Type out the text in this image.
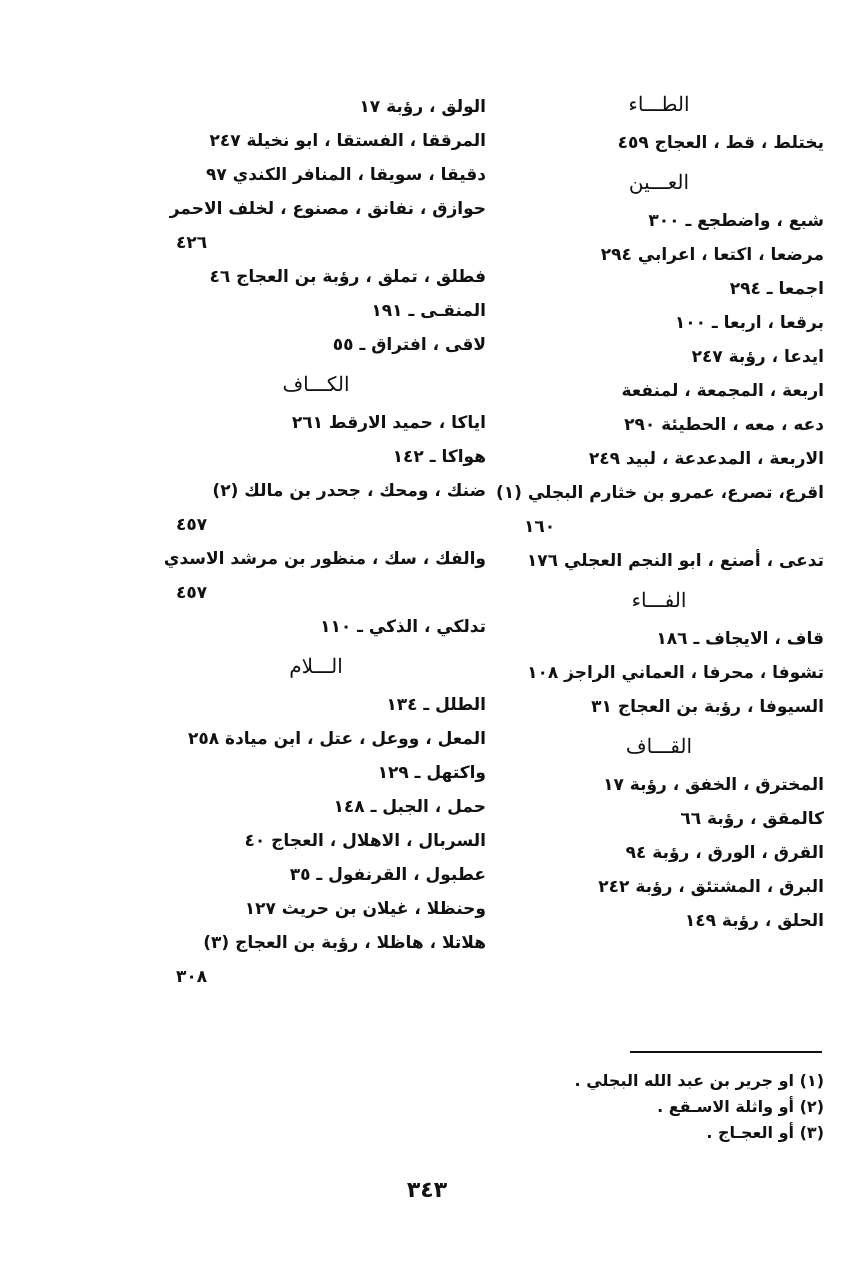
الطـــاء
يختلط ، قط ، العجاج ٤٥٩
العـــين
شبع ، واضطجع ـ ٣٠٠
مرضعا ، اكتعا ، اعرابي ٢٩٤
اجمعا ـ ٢٩٤
برقعا ، اربعا ـ ١٠٠
ايدعا ، رؤبة ٢٤٧
اربعة ، المجمعة ، لمنفعة
دعه ، معه ، الحطيئة ٢٩٠
الاربعة ، المدعدعة ، لبيد ٢٤٩
اقرع، تصرع، عمرو بن خثارم البجلي (١)
١٦٠
تدعى ، أصنع ، ابو النجم العجلي ١٧٦
الفـــاء
قاف ، الايجاف ـ ١٨٦
تشوفا ، محرفا ، العماني الراجز ١٠٨
السيوفا ، رؤبة بن العجاج ٣١
القـــاف
المخترق ، الخفق ، رؤبة ١٧
كالمقق ، رؤبة ٦٦
القرق ، الورق ، رؤبة ٩٤
البرق ، المشتئق ، رؤبة ٢٤٢
الحلق ، رؤبة ١٤٩
الولق ، رؤبة ١٧
المرققا ، الفستقا ، ابو نخيلة ٢٤٧
دقيقا ، سويقا ، المنافر الكندي ٩٧
حوازق ، نفانق ، مصنوع ، لخلف الاحمر
٤٢٦
فطلق ، تملق ، رؤبة بن العجاج ٤٦
المنقـى ـ ١٩١
لاقى ، افتراق ـ ٥٥
الكـــاف
اياكا ، حميد الارقط ٢٦١
هواكا ـ ١٤٢
ضنك ، ومحك ، جحدر بن مالك (٢)
٤٥٧
والفك ، سك ، منظور بن مرشد الاسدي
٤٥٧
تدلكي ، الذكي ـ ١١٠
الـــلام
الطلل ـ ١٣٤
المعل ، ووعل ، عتل ، ابن ميادة ٢٥٨
واكتهل ـ ١٢٩
حمل ، الجبل ـ ١٤٨
السربال ، الاهلال ، العجاج ٤٠
عطبول ، القرنفول ـ ٣٥
وحنظلا ، غيلان بن حريث ١٢٧
هلاتلا ، هاظلا ، رؤبة بن العجاج (٣)
٣٠٨
(١) او جرير بن عبد الله البجلي .
(٢) أو واثلة الاسـقع .
(٣) أو العجـاج .
٣٤٣
